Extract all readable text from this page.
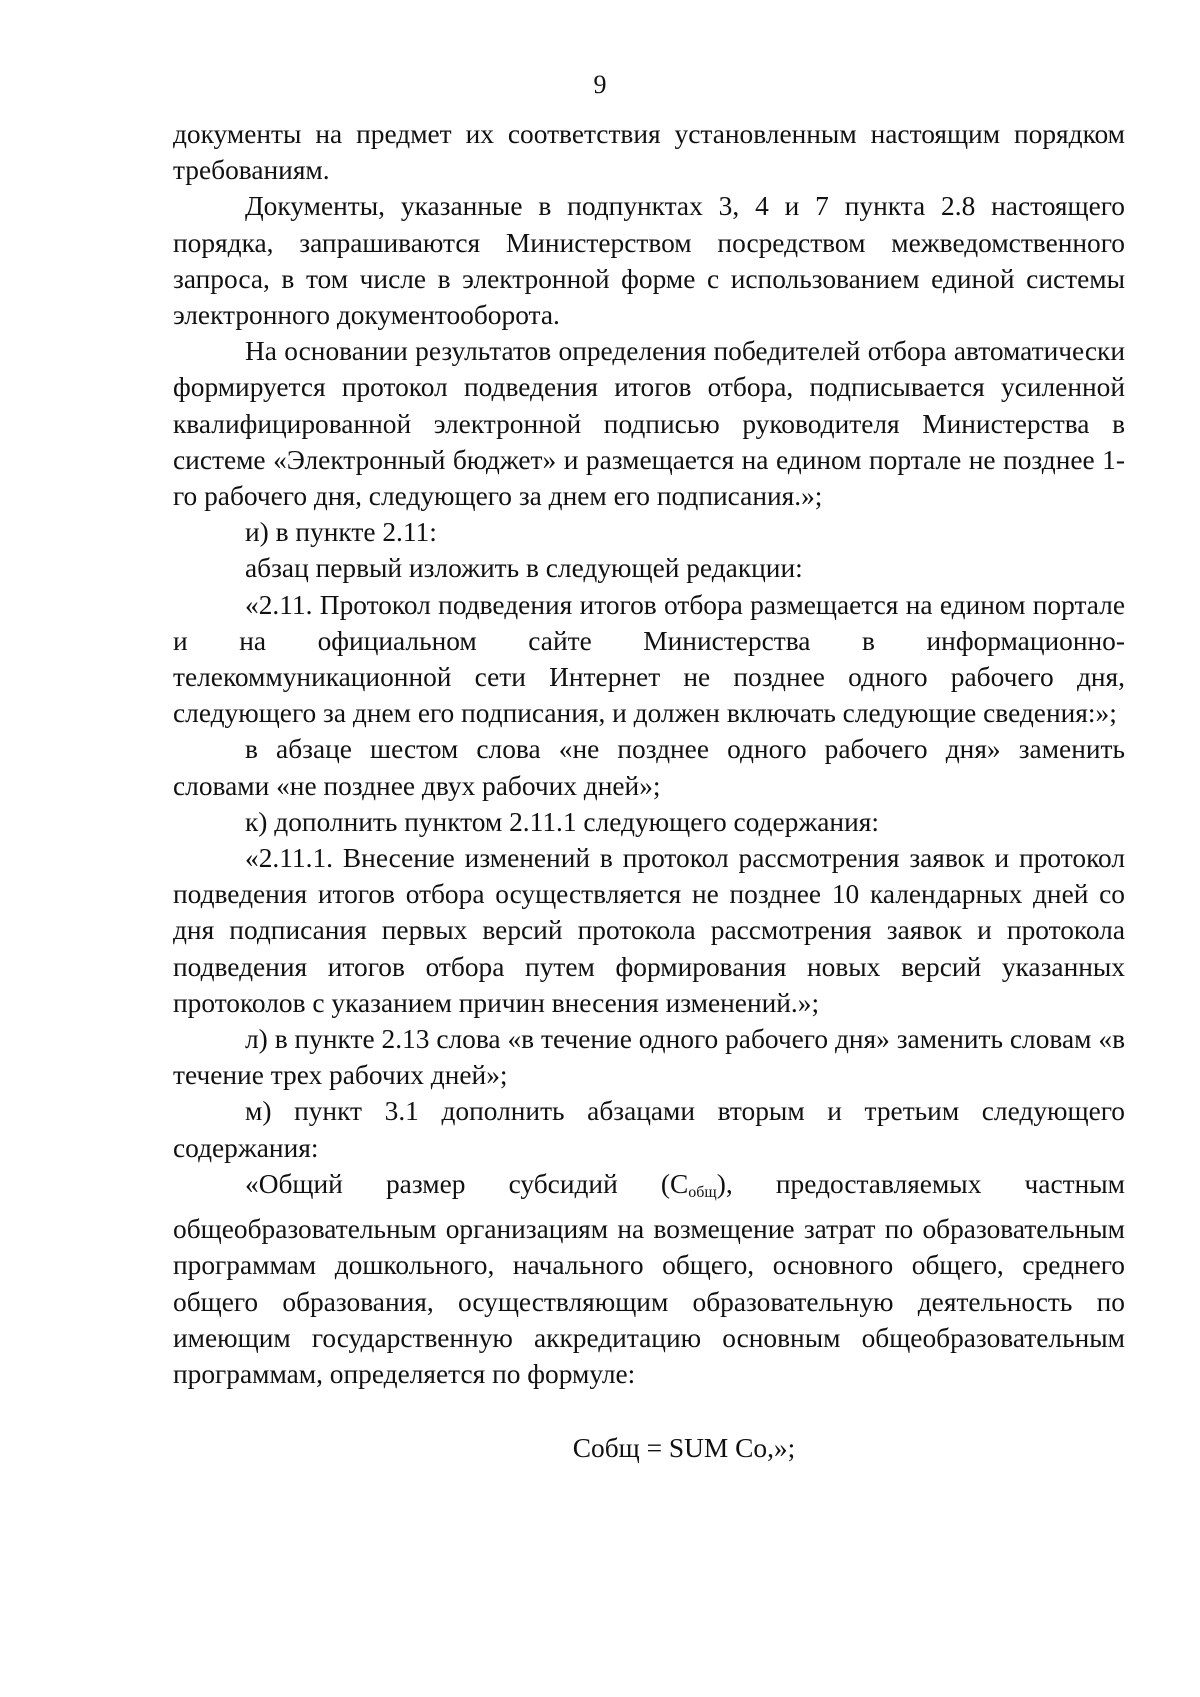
9

документы на предмет их соответствия установленным настоящим порядком требованиям.

Документы, указанные в подпунктах 3, 4 и 7 пункта 2.8 настоящего порядка, запрашиваются Министерством посредством межведомственного запроса, в том числе в электронной форме с использованием единой системы электронного документооборота.

На основании результатов определения победителей отбора автоматически формируется протокол подведения итогов отбора, подписывается усиленной квалифицированной электронной подписью руководителя Министерства в системе «Электронный бюджет» и размещается на едином портале не позднее 1-го рабочего дня, следующего за днем его подписания.»;

и) в пункте 2.11:

абзац первый изложить в следующей редакции:

«2.11. Протокол подведения итогов отбора размещается на едином портале и на официальном сайте Министерства в информационно-телекоммуникационной сети Интернет не позднее одного рабочего дня, следующего за днем его подписания, и должен включать следующие сведения:»;

в абзаце шестом слова «не позднее одного рабочего дня» заменить словами «не позднее двух рабочих дней»;

к) дополнить пунктом 2.11.1 следующего содержания:

«2.11.1. Внесение изменений в протокол рассмотрения заявок и протокол подведения итогов отбора осуществляется не позднее 10 календарных дней со дня подписания первых версий протокола рассмотрения заявок и протокола подведения итогов отбора путем формирования новых версий указанных протоколов с указанием причин внесения изменений.»;

л) в пункте 2.13 слова «в течение одного рабочего дня» заменить словам «в течение трех рабочих дней»;

м) пункт 3.1 дополнить абзацами вторым и третьим следующего содержания:

«Общий размер субсидий $(С_{общ})$, предоставляемых частным общеобразовательным организациям на возмещение затрат по образовательным программам дошкольного, начального общего, основного общего, среднего общего образования, осуществляющим образовательную деятельность по имеющим государственную аккредитацию основным общеобразовательным программам, определяется по формуле:

Собщ = SUM Со,»;
